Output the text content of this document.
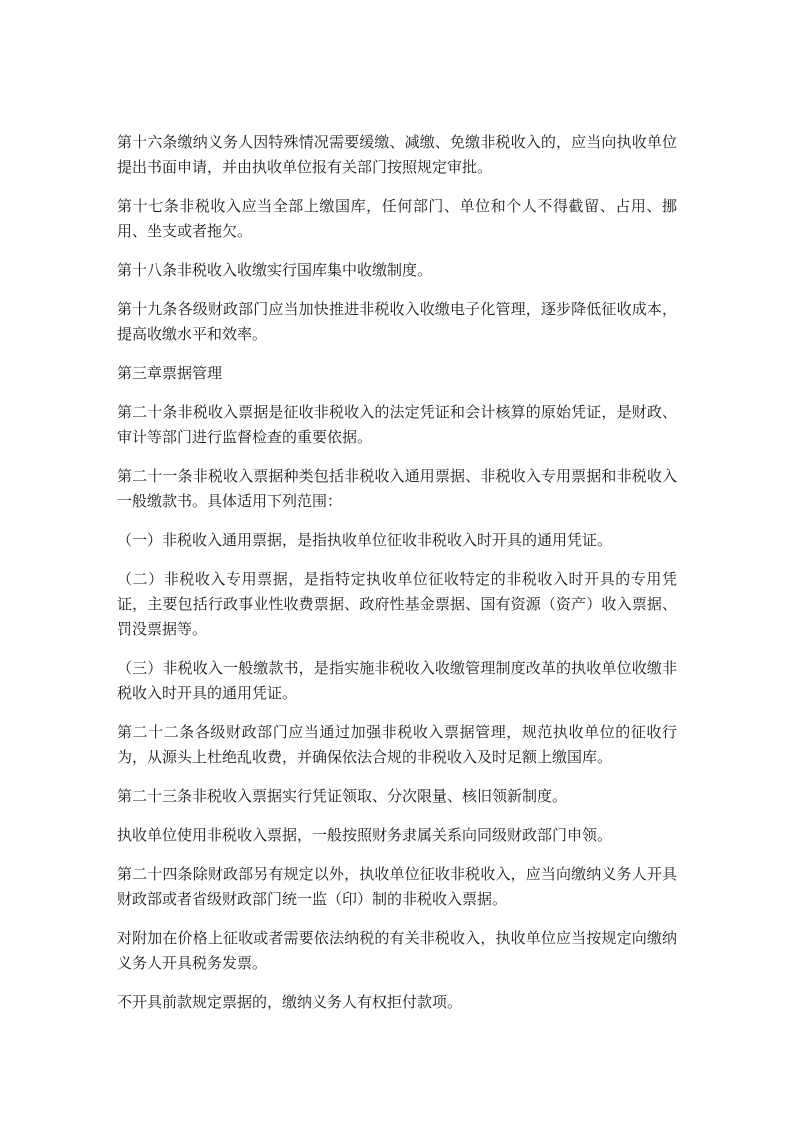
第十六条缴纳义务人因特殊情况需要缓缴、减缴、免缴非税收入的，应当向执收单位提出书面申请，并由执收单位报有关部门按照规定审批。

第十七条非税收入应当全部上缴国库，任何部门、单位和个人不得截留、占用、挪用、坐支或者拖欠。

第十八条非税收入收缴实行国库集中收缴制度。

第十九条各级财政部门应当加快推进非税收入收缴电子化管理，逐步降低征收成本，提高收缴水平和效率。

第三章票据管理

第二十条非税收入票据是征收非税收入的法定凭证和会计核算的原始凭证，是财政、审计等部门进行监督检查的重要依据。

第二十一条非税收入票据种类包括非税收入通用票据、非税收入专用票据和非税收入一般缴款书。具体适用下列范围：

（一）非税收入通用票据，是指执收单位征收非税收入时开具的通用凭证。

（二）非税收入专用票据，是指特定执收单位征收特定的非税收入时开具的专用凭证，主要包括行政事业性收费票据、政府性基金票据、国有资源（资产）收入票据、罚没票据等。

（三）非税收入一般缴款书，是指实施非税收入收缴管理制度改革的执收单位收缴非税收入时开具的通用凭证。

第二十二条各级财政部门应当通过加强非税收入票据管理，规范执收单位的征收行为，从源头上杜绝乱收费，并确保依法合规的非税收入及时足额上缴国库。

第二十三条非税收入票据实行凭证领取、分次限量、核旧领新制度。

执收单位使用非税收入票据，一般按照财务隶属关系向同级财政部门申领。

第二十四条除财政部另有规定以外，执收单位征收非税收入，应当向缴纳义务人开具财政部或者省级财政部门统一监（印）制的非税收入票据。

对附加在价格上征收或者需要依法纳税的有关非税收入，执收单位应当按规定向缴纳义务人开具税务发票。

不开具前款规定票据的，缴纳义务人有权拒付款项。
